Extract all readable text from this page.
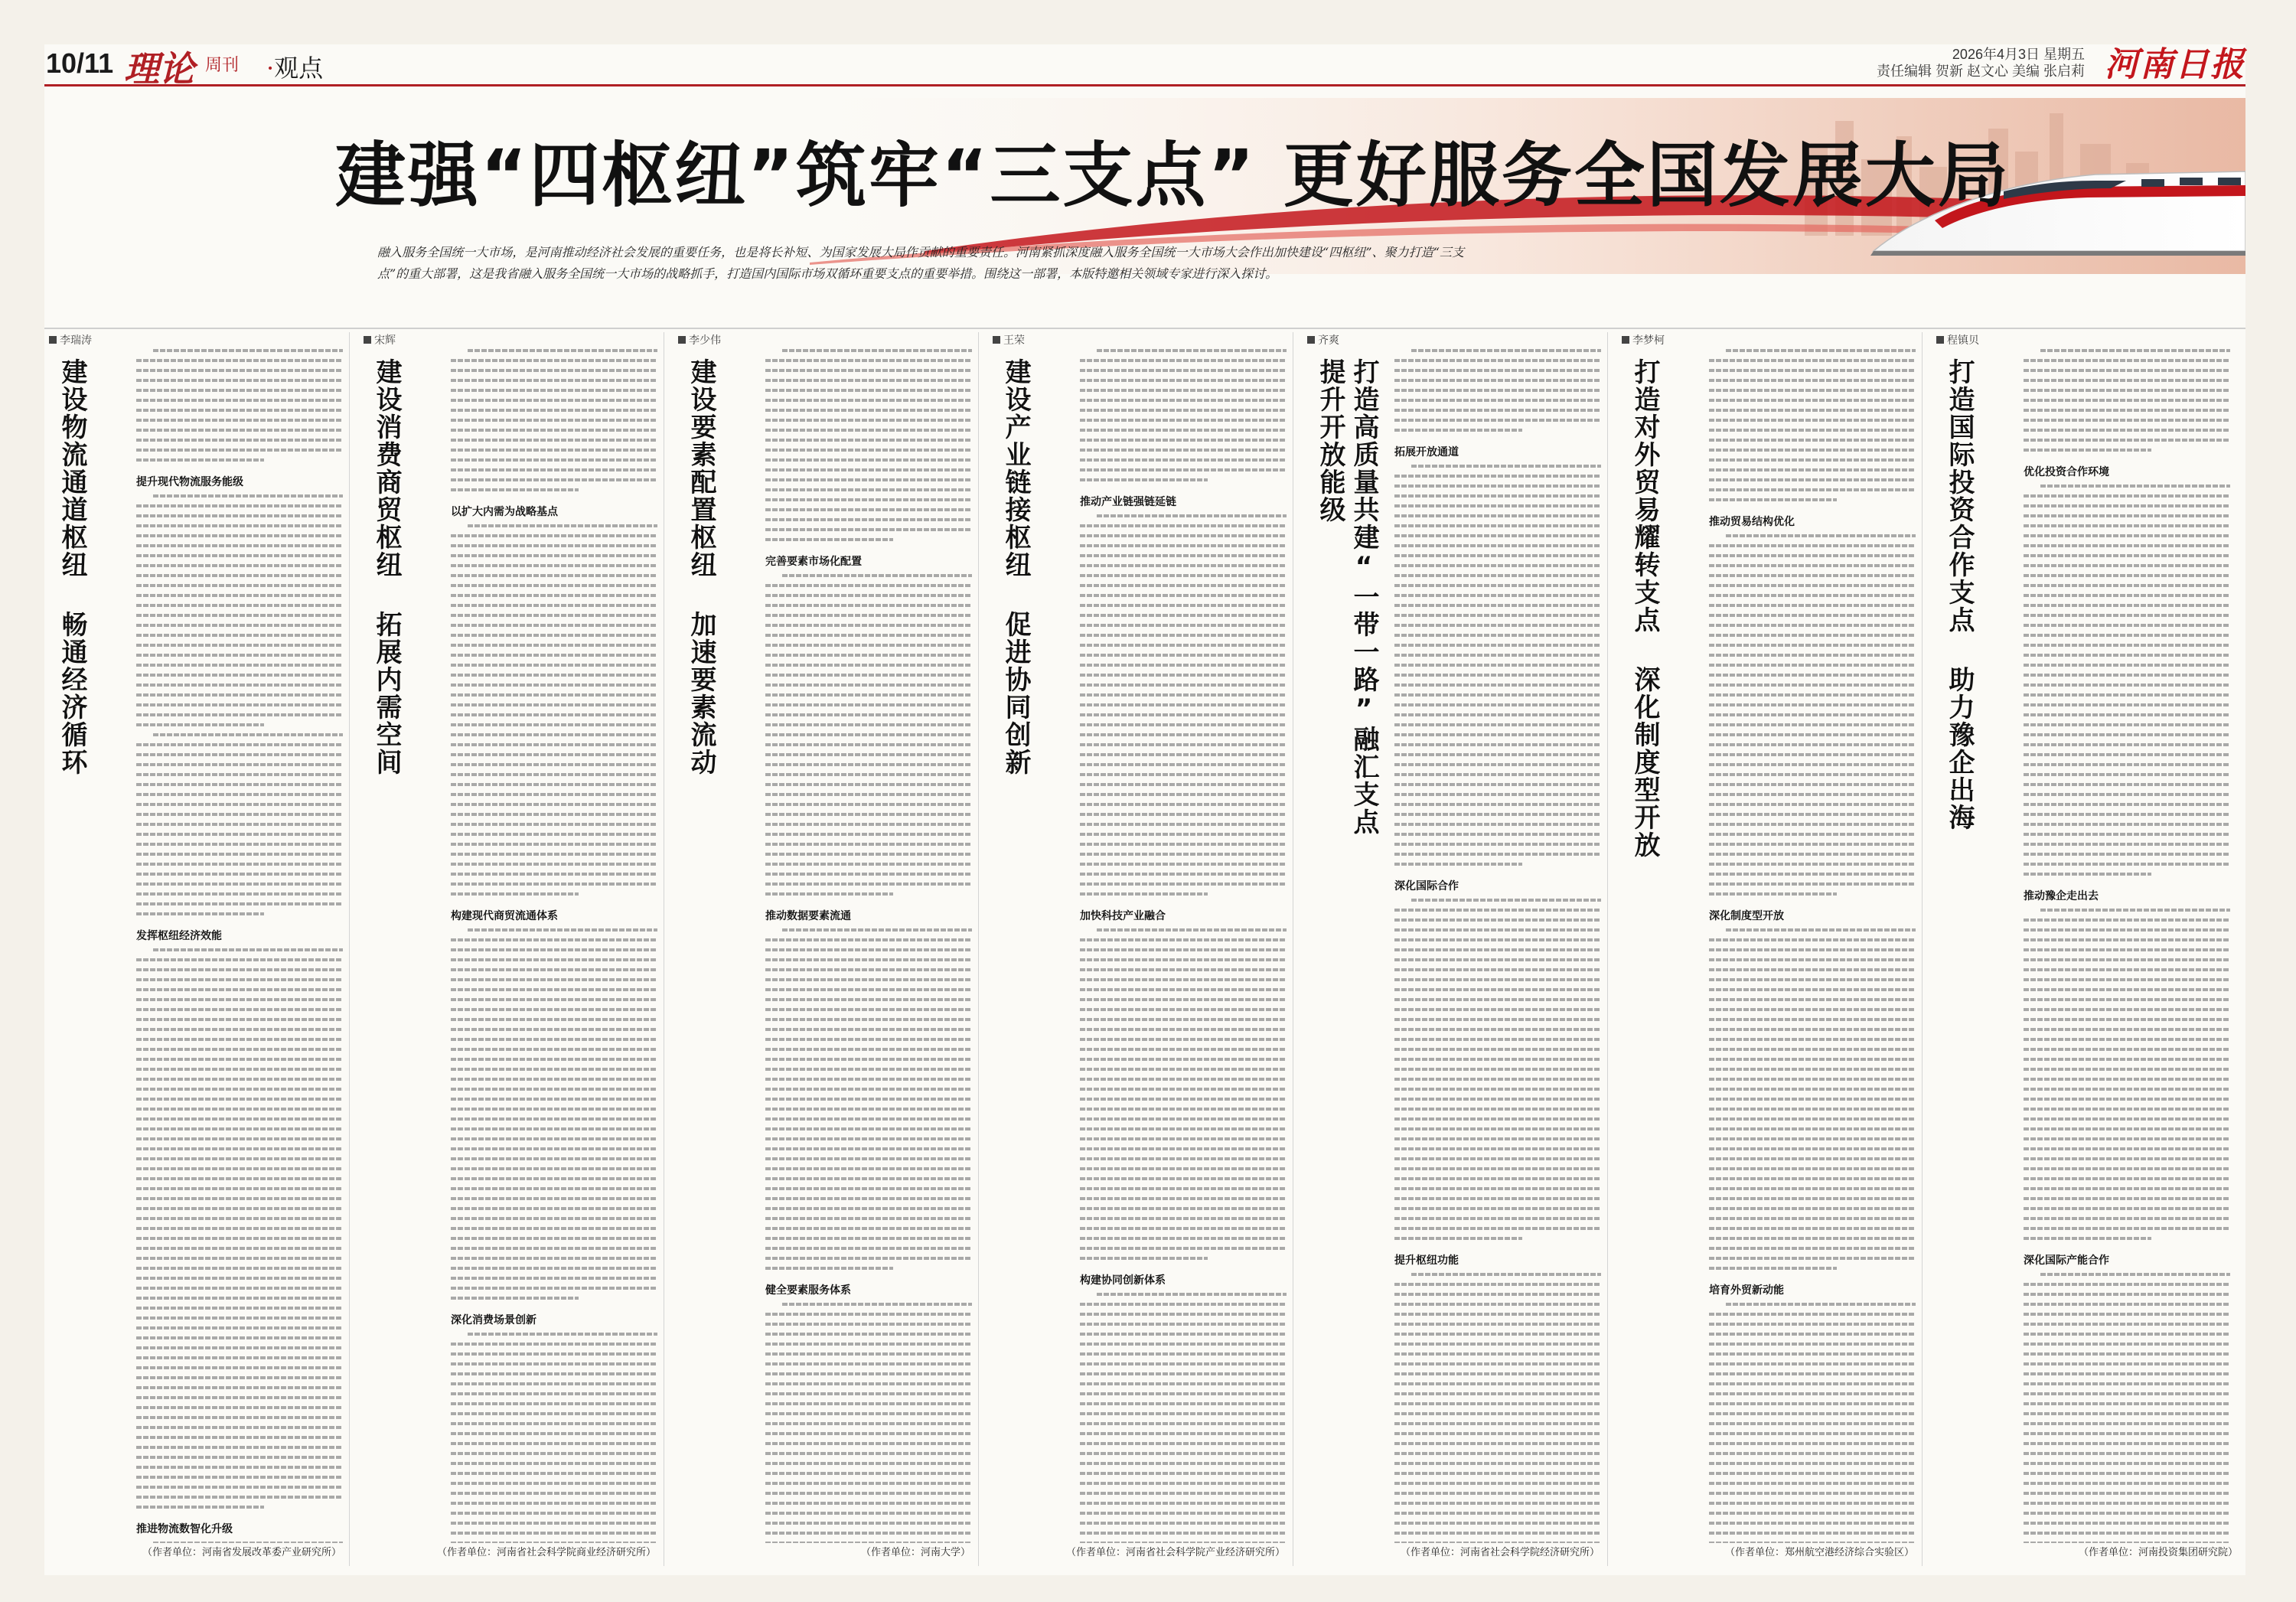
10/11 理论 周刊 ·观点	2026年4月3日 星期五
责任编辑 贺新 赵文心 美编 张启莉 河南日报
建强“四枢纽”筑牢“三支点” 更好服务全国发展大局
融入服务全国统一大市场，是河南推动经济社会发展的重要任务，也是将长补短、为国家发展大局作贡献的重要责任。河南紧抓深度融入服务全国统一大市场大会作出加快建设“四枢纽”、聚力打造“三支点”的重大部署，这是我省融入服务全国统一大市场的战略抓手，打造国内国际市场双循环重要支点的重要举措。围绕这一部署，本版特邀相关领域专家进行深入探讨。
李瑞涛
建设物流通道枢纽 畅通经济循环	提升现代物流服务能级
发挥枢纽经济效能
推进物流数智化升级
（作者单位：河南省发展改革委产业研究所）
宋辉
建设消费商贸枢纽 拓展内需空间	以扩大内需为战略基点
构建现代商贸流通体系
深化消费场景创新
（作者单位：河南省社会科学院商业经济研究所）
李少伟
建设要素配置枢纽 加速要素流动	完善要素市场化配置
推动数据要素流通
健全要素服务体系
（作者单位：河南大学）
王荣
建设产业链接枢纽 促进协同创新	推动产业链强链延链
加快科技产业融合
构建协同创新体系
（作者单位：河南省社会科学院产业经济研究所）
齐爽
打造高质量共建“一带一路”融汇支点 提升开放能级	拓展开放通道
深化国际合作
提升枢纽功能
（作者单位：河南省社会科学院经济研究所）
李梦柯
打造对外贸易耀转支点 深化制度型开放	推动贸易结构优化
深化制度型开放
培育外贸新动能
（作者单位：郑州航空港经济综合实验区）
程镇贝
打造国际投资合作支点 助力豫企出海	优化投资合作环境
推动豫企走出去
深化国际产能合作
（作者单位：河南投资集团研究院）
